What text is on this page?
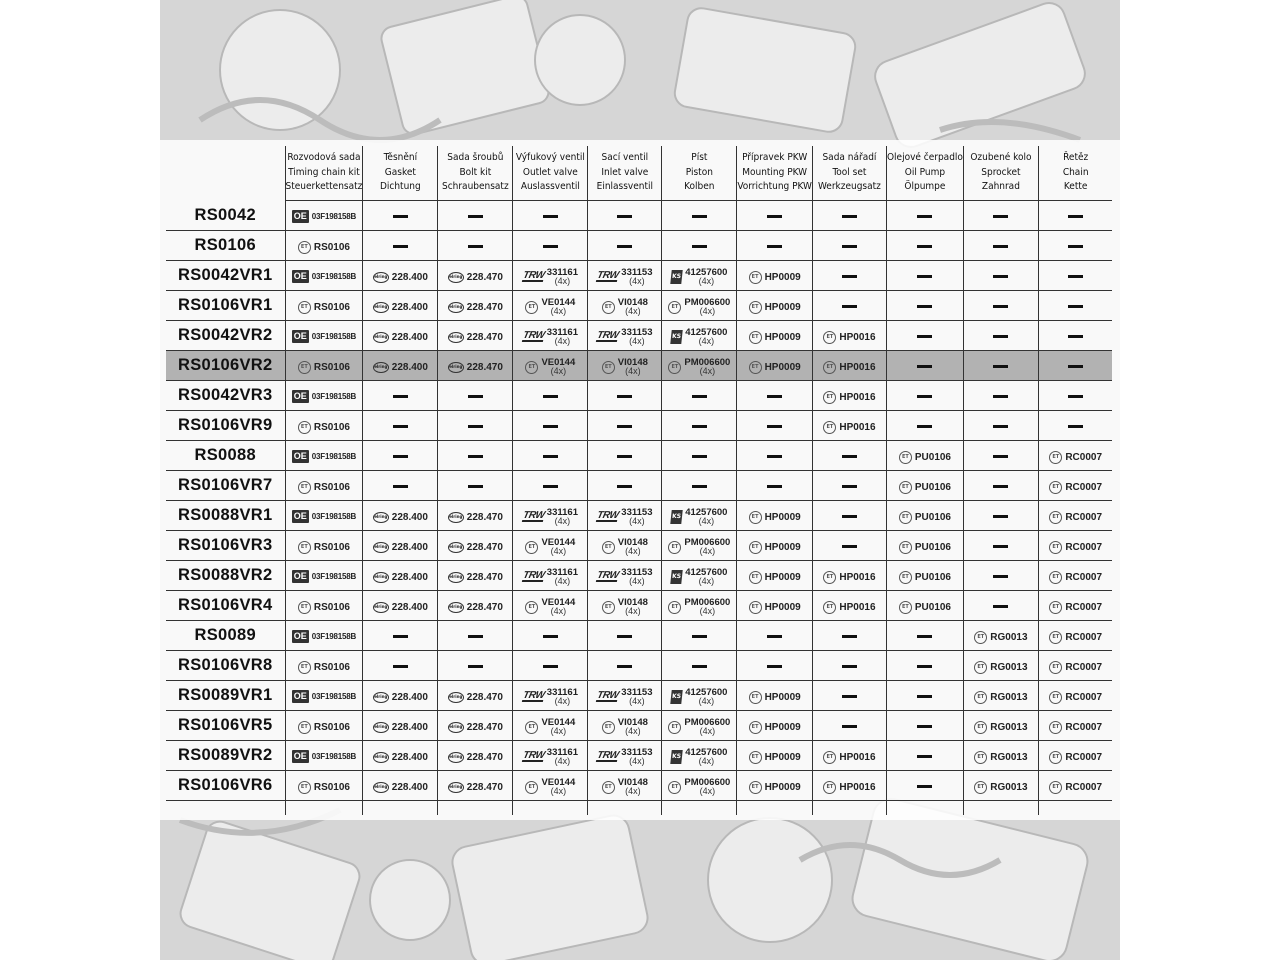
	Rozvodová sada
Timing chain kit
Steuerkettensatz	Těsnění
Gasket
Dichtung	Sada šroubů
Bolt kit
Schraubensatz	Výfukový ventil
Outlet valve
Auslassventil	Sací ventil
Inlet valve
Einlassventil	Píst
Piston
Kolben	Přípravek PKW
Mounting PKW
Vorrichtung PKW	Sada nářadí
Tool set
Werkzeugsatz	Olejové čerpadlo
Oil Pump
Ölpumpe	Ozubené kolo
Sprocket
Zahnrad	Řetěz
Chain
Kette

RS0042	OE 03F198158B										

RS0106	ET RS0106										

RS0042VR1	OE 03F198158B	elring 228.400	elring 228.470	TRW 331161
(4x)	TRW 331153
(4x)	KS 41257600
(4x)	ET HP0009				

RS0106VR1	ET RS0106	elring 228.400	elring 228.470	ET VE0144
(4x)	ET VI0148
(4x)	ET PM006600
(4x)	ET HP0009				

RS0042VR2	OE 03F198158B	elring 228.400	elring 228.470	TRW 331161
(4x)	TRW 331153
(4x)	KS 41257600
(4x)	ET HP0009	ET HP0016			

RS0106VR2	ET RS0106	elring 228.400	elring 228.470	ET VE0144
(4x)	ET VI0148
(4x)	ET PM006600
(4x)	ET HP0009	ET HP0016			

RS0042VR3	OE 03F198158B							ET HP0016			

RS0106VR9	ET RS0106							ET HP0016			

RS0088	OE 03F198158B								ET PU0106		ET RC0007

RS0106VR7	ET RS0106								ET PU0106		ET RC0007

RS0088VR1	OE 03F198158B	elring 228.400	elring 228.470	TRW 331161
(4x)	TRW 331153
(4x)	KS 41257600
(4x)	ET HP0009		ET PU0106		ET RC0007

RS0106VR3	ET RS0106	elring 228.400	elring 228.470	ET VE0144
(4x)	ET VI0148
(4x)	ET PM006600
(4x)	ET HP0009		ET PU0106		ET RC0007

RS0088VR2	OE 03F198158B	elring 228.400	elring 228.470	TRW 331161
(4x)	TRW 331153
(4x)	KS 41257600
(4x)	ET HP0009	ET HP0016	ET PU0106		ET RC0007

RS0106VR4	ET RS0106	elring 228.400	elring 228.470	ET VE0144
(4x)	ET VI0148
(4x)	ET PM006600
(4x)	ET HP0009	ET HP0016	ET PU0106		ET RC0007

RS0089	OE 03F198158B									ET RG0013	ET RC0007

RS0106VR8	ET RS0106									ET RG0013	ET RC0007

RS0089VR1	OE 03F198158B	elring 228.400	elring 228.470	TRW 331161
(4x)	TRW 331153
(4x)	KS 41257600
(4x)	ET HP0009			ET RG0013	ET RC0007

RS0106VR5	ET RS0106	elring 228.400	elring 228.470	ET VE0144
(4x)	ET VI0148
(4x)	ET PM006600
(4x)	ET HP0009			ET RG0013	ET RC0007

RS0089VR2	OE 03F198158B	elring 228.400	elring 228.470	TRW 331161
(4x)	TRW 331153
(4x)	KS 41257600
(4x)	ET HP0009	ET HP0016		ET RG0013	ET RC0007

RS0106VR6	ET RS0106	elring 228.400	elring 228.470	ET VE0144
(4x)	ET VI0148
(4x)	ET PM006600
(4x)	ET HP0009	ET HP0016		ET RG0013	ET RC0007
